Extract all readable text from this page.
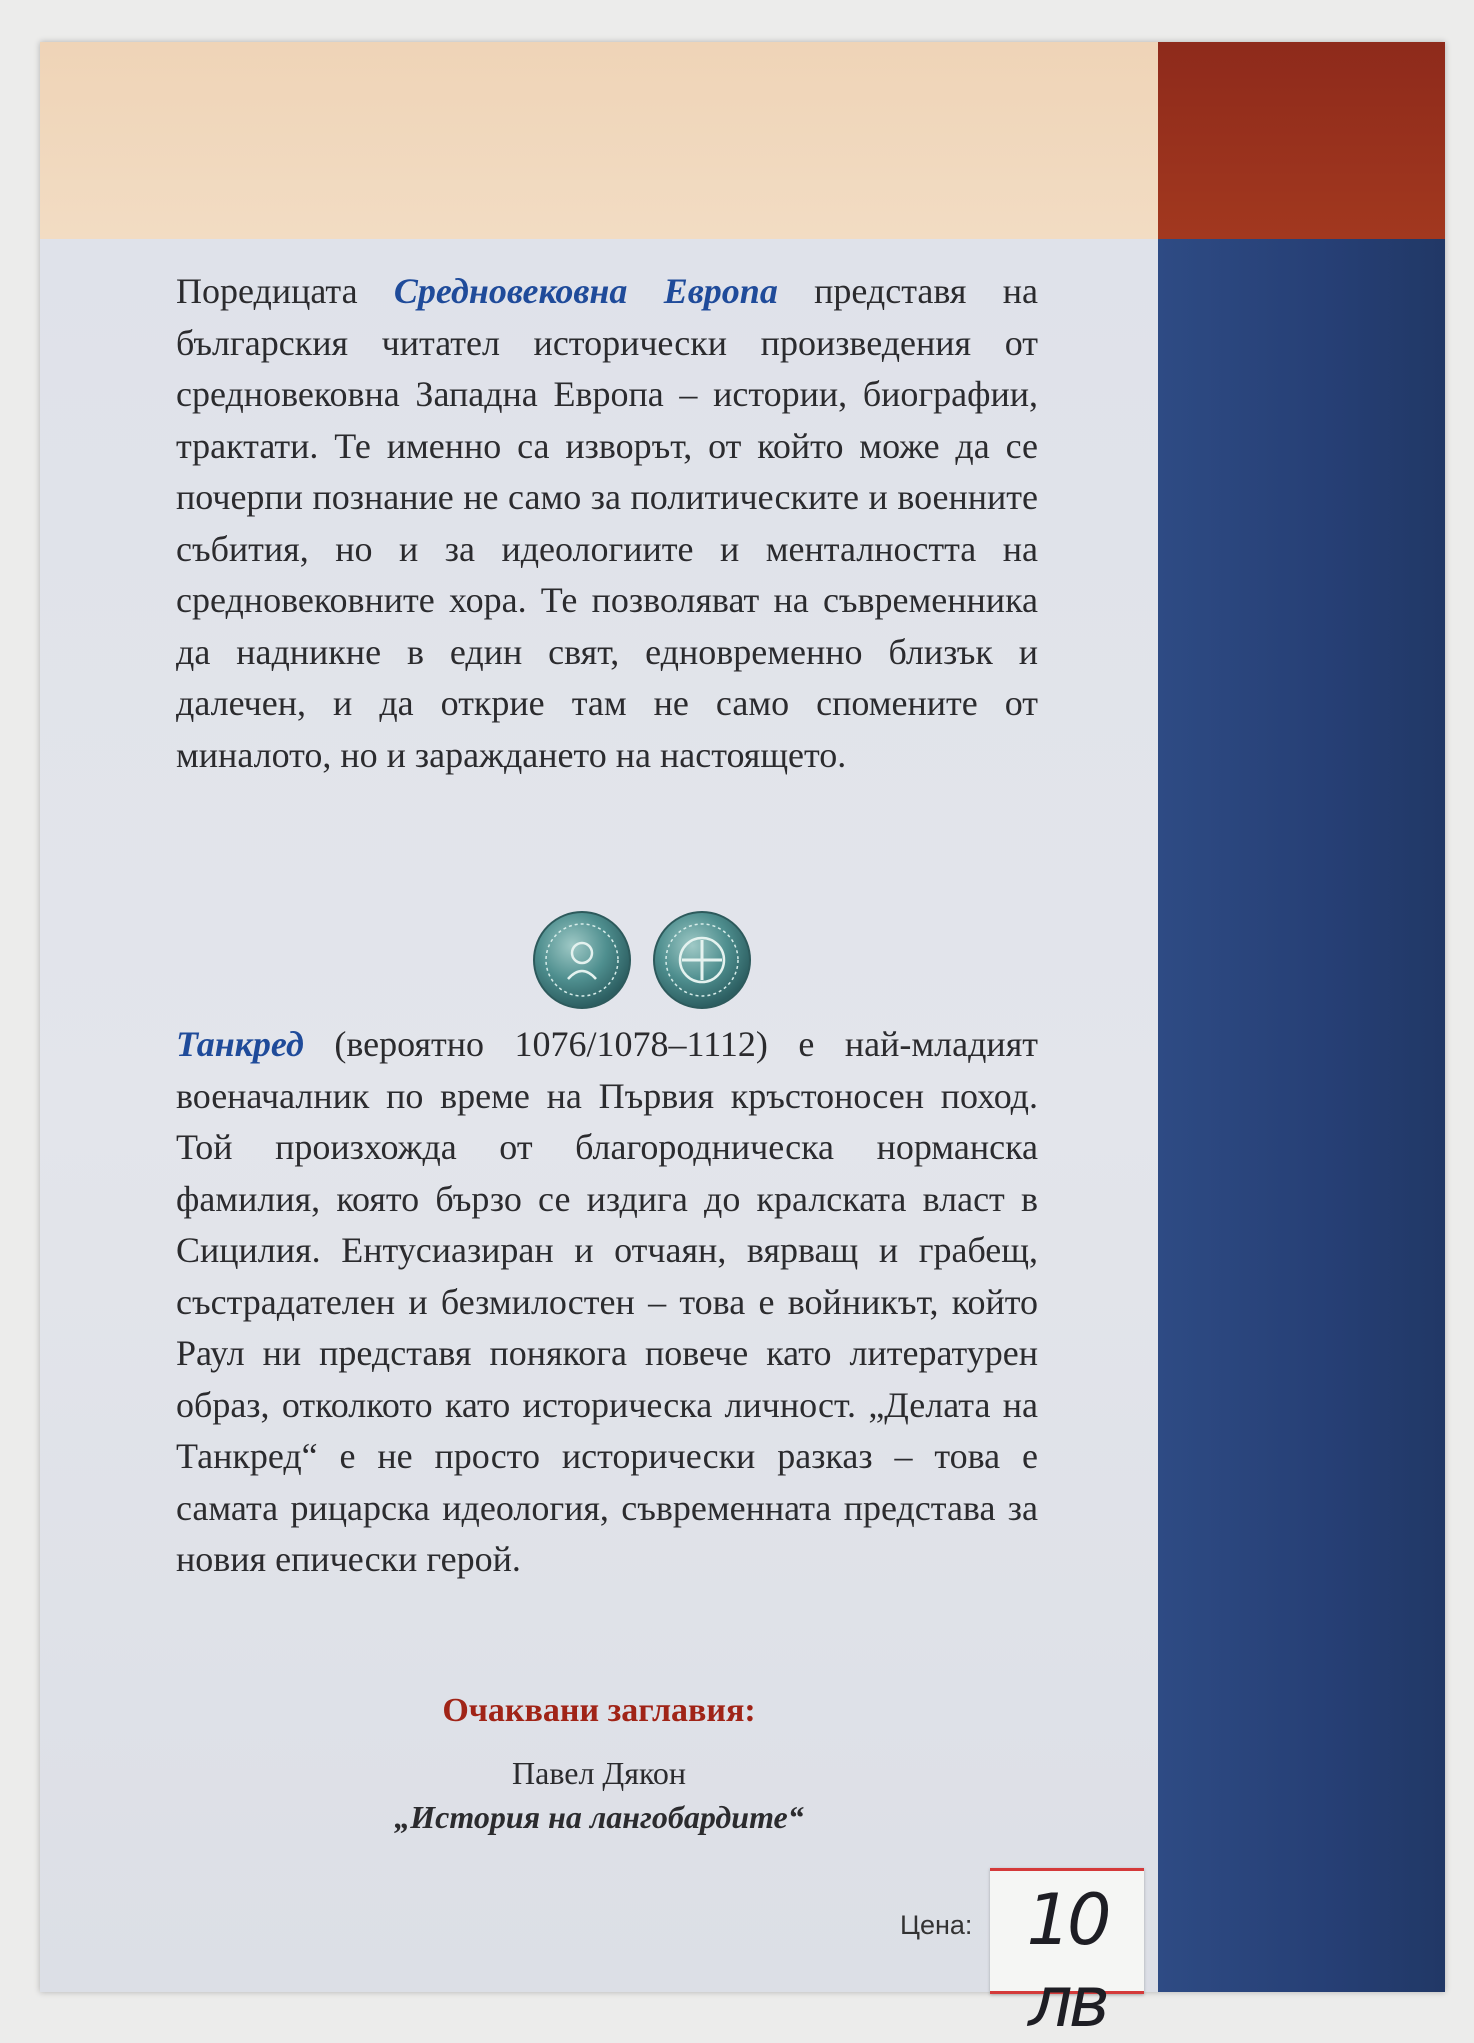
Поредицата Средновековна Европа представя на българския читател исторически произведения от средновековна Западна Европа – истории, биографии, трактати. Те именно са изворът, от който може да се почерпи познание не само за политическите и военните събития, но и за идеологиите и менталността на средновековните хора. Те позволяват на съвременника да надникне в един свят, едновременно близък и далечен, и да открие там не само спомените от миналото, но и зараждането на настоящето.

Танкред (вероятно 1076/1078–1112) е най-младият военачалник по време на Първия кръстоносен поход. Той произхожда от благородническа норманска фамилия, която бързо се издига до кралската власт в Сицилия. Ентусиазиран и отчаян, вярващ и грабещ, състрадателен и безмилостен – това е войникът, който Раул ни представя понякога повече като литературен образ, отколкото като историческа личност. „Делата на Танкред“ е не просто исторически разказ – това е самата рицарска идеология, съвременната представа за новия епически герой.

Очаквани заглавия:
Павел Дякон
„История на лангобардите“
Цена: 10 лв
